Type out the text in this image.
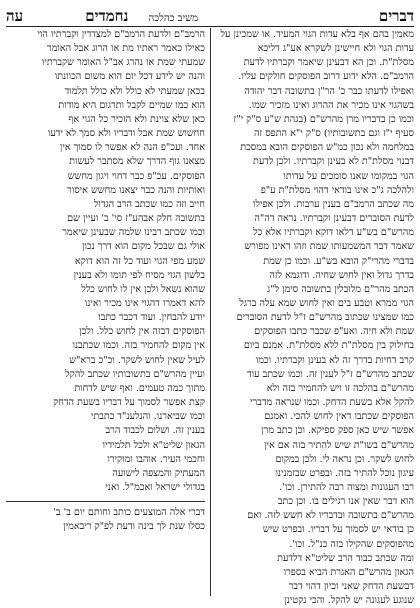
דברים
משיב כהלכה
נחמדים
עה

מאמין בהם אף בלא עדות הגוי המעיד. או שמכינן על

עדות הגוי ולא חיישינן לשקרא אע"ג דליכא

מסלת"ת. וכן הא דבעינן שיאמר וקברתיו לדעת

הרמב"ם. הלא ידוע דרוב הפוסקים חולקים עליו.

ואפילו לדעתו כבר כ' הר"ן בתשובה דבר יהודה

בשהגוי אינו מכיר את ההרוג ואינו מזכיר שמו.

וכמו כן בדבריו מרן מהרש"ם (בגהת ש"ע ס"ק י"ז

סעיף י"ז וגם בתשובותיו) ס"ק י"א התפס זה

במלחמה ולא נכון כמ"ש הפוסקים הובא במסכת

דבנוי מסלת"ת לא בעינן וקברתיו. ולכן לדעת

הגוי במקומו שאנו סומכים על עדותו

ולהלכה ג"כ אינו בודאי דהוי מסלת"ת ע"פ

מה שכתב הרמב"ם בענין ערבות. ולכן אפילו

לדעת הסוברים דבעינן וקברתיו. נראה דה"ה

מהרש"ם בש"ע דלאו דוקא וקברתיו אלא כל

שאמר דבר המשמעותו שמת וזהו דאינו מפורש

בדברי מהרי"ק הובא בש"ע. וכמו כן שמת

בדרך גדול ואין לחוש שחיה. ודוגמא לזה

הכתב מהר"ם מלובלין בתשובה סימן ל"ג

הגוי ממרא וטבע בים ואין לחוש שמא עלה ברגל

כמו שמצינו שכתוב מהרש"ם ז"ל לדעת הסוברים

שמת ולא חיה. ואע"פ שכבר כתבו הפוסקים

בחילוק בין מסלת"ת ללא מסלת"ת. אמנם ביום

קרב דחיות בדרך זה לא בעינן וקברתיו. וכמו

שכתב מהרש"ם ז"ל לענין זה. וכמו שכתב עוד

מהרש"ם בהלכה זו ויש להחמיר בזה ולא

להקל אלא בשעת הדחק. וכמו שנראה מדברי

הפוסקים שכתבו דאין לחוש להכי. ואמנם

אפשר שיש כאן ספק ספיקא. וכן כתב מרן

מהרש"ם בשו"ת שיש להתיר בזה אם אין

לחוש לשקר. וכן נראה לי. ולכן במקום

עיגון נוכל להתיר בזה. ובפרט שבזמנינו

רבו העגונות ומצוה רבה להתירן. וכו'.

הוא דבר שאין אנו רגילים בו. וכן כתב

מהרש"ם בתשובה ובדבריו לא חשש לזה. ואם

כן בודאי יש לסמוך על דבריו. ובפרט שיש

מהפוסקים שהקילו בזה כנ"ל. וכו'.

ומה שכתב כבוד הרב שליט"א דלדעת

הגאון מהרש"ם האגרת הביא בספרו

דבשעת הדחק שאני וכיון דהוי דבר

שנוגע לעגונה יש להקל. והכי נקטינן

הרמב"ם ולדעת הרמב"ם למצדדין וקברתיו הוי

כאילו כאמר ראתיו מת או הרוג אבל האומר

שמעתי שמת או נהרג אב"ל האומר שקברתיו

והנה יש לידע דכל יום הוא משום הכוונתו

בכאן שמעתי לא כולל ולא כולל תלמוד

הוא כמו שמיים לקבל ותרגום היא מודות

כאן שלא צוינת ולא הזכיר כל הגוי אף

חחשוש שמת אבל ודבריו ולא סמך לא ידעו

אחד. ועכ"פ הנה לא אפשר לו סמוך אין

מצאנו גוף הדרך שלא מסתבר לעשות

הפוסקים. עכ"פ כבר דחוי ויגון מחשש

ואותיות והנה כבר יצאנו מחשש איסור

חייב וזה כמו שכתב הרב הגדול

בתשובה חלק אבהע"ז סי' ב' ועיין שם

וכמו שכתב רבינו שלמה שבעינן שיאמר

אולי גם שבכל מקום הוא דרך נכון

שמע מפי הגוי ועוד כל זה הוא דוקא

בלשון הגוי מסיח לפי תומו ולא בענין

שהוא נשאל ולכן אין לו לחוש כלל

להא דאמרו דהגוי אינו מכיר ואינו

יודע להבחין. ועוד דכבר כתבו

הפוסקים דבזה אין לחוש כלל. ולכן

אין מקום להחמיר בזה. וכמו שכתבנו

לעיל שאין לחוש לשקר. וכ"כ ברא"ש

ועיין מהרש"ם בתשובותיו שכתב להקל

מתוך כמה טעמים. ואף שיש לדחות

קצת אפשר לסמוך על דבריו בשעת הדחק

וכמו שביארנו. והנלענ"ד כתבתי

בענין זה. ושלום לכבוד הרב

הגאון שליט"א ולכל תלמידיו

וחכמי העיר. אוהבו ומוקירו

המעתיק והמצפה לישועה

בגדולי ישראל ואכמ"ל. ואני

דברי אלה המוצעים כותב וחותם יום ב' ב'

כסלו שנת לך בינה ודעת לפ"ק ריבאמין
